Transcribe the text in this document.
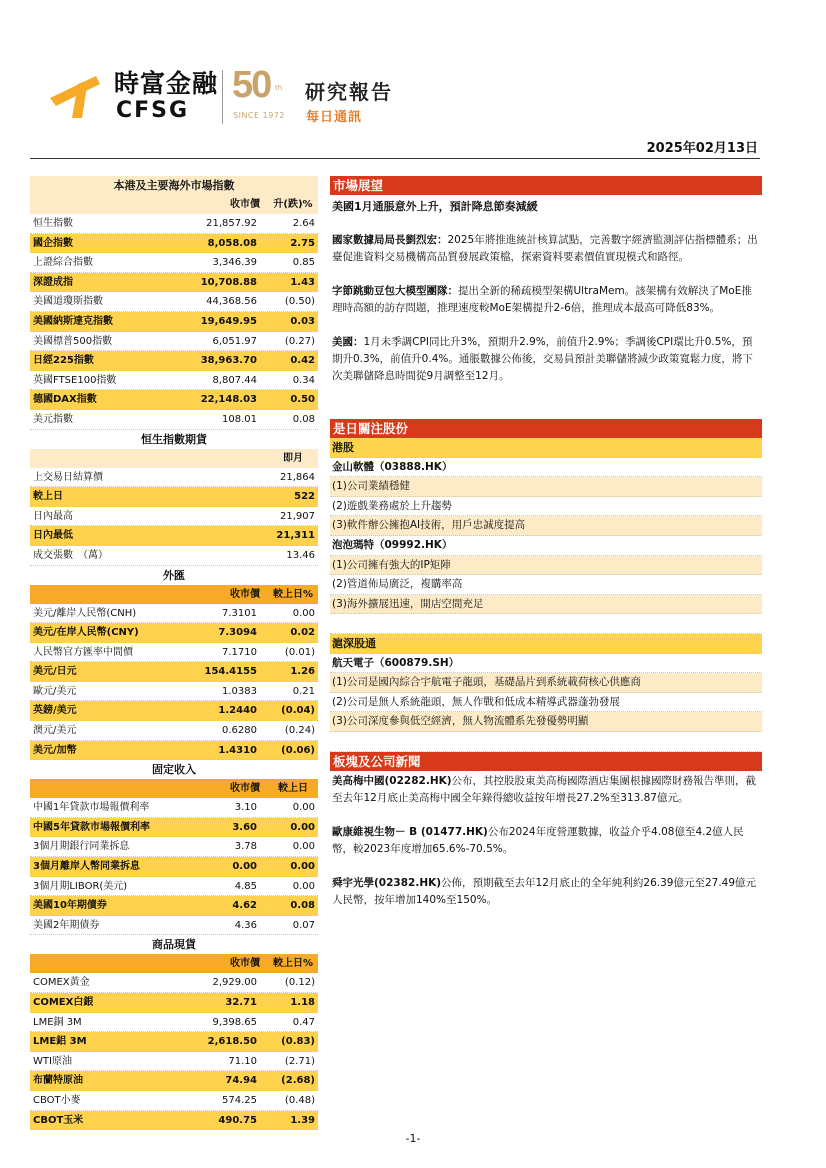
時富金融
CFSG
50 th
SINCE 1972
研究報告
每日通訊
2025年02月13日
本港及主要海外市場指數
收市價	升(跌)%
恒生指數	21,857.92	2.64
國企指數	8,058.08	2.75
上證綜合指數	3,346.39	0.85
深證成指	10,708.88	1.43
美國道瓊斯指數	44,368.56	(0.50)
美國納斯達克指數	19,649.95	0.03
美國標普500指數	6,051.97	(0.27)
日經225指數	38,963.70	0.42
英國FTSE100指數	8,807.44	0.34
德國DAX指數	22,148.03	0.50
美元指數	108.01	0.08
恒生指數期貨
即月
上交易日結算價	21,864
較上日	522
日內最高	21,907
日內最低	21,311
成交張數　（萬）	13.46
外匯
收市價	較上日%
美元/離岸人民幣(CNH)	7.3101	0.00
美元/在岸人民幣(CNY)	7.3094	0.02
人民幣官方匯率中間價	7.1710	(0.01)
美元/日元	154.4155	1.26
歐元/美元	1.0383	0.21
英鎊/美元	1.2440	(0.04)
澳元/美元	0.6280	(0.24)
美元/加幣	1.4310	(0.06)
固定收入
收市價	較上日
中國1年貸款市場報價利率	3.10	0.00
中國5年貸款市場報價利率	3.60	0.00
3個月期銀行同業拆息	3.78	0.00
3個月離岸人幣同業拆息	0.00	0.00
3個月期LIBOR(美元)	4.85	0.00
美國10年期債券	4.62	0.08
美國2年期債券	4.36	0.07
商品現貨
收市價	較上日%
COMEX黃金	2,929.00	(0.12)
COMEX白銀	32.71	1.18
LME銅 3M	9,398.65	0.47
LME鋁 3M	2,618.50	(0.83)
WTI原油	71.10	(2.71)
布蘭特原油	74.94	(2.68)
CBOT小麥	574.25	(0.48)
CBOT玉米	490.75	1.39
市場展望
美國1月通脹意外上升，預計降息節奏減緩

國家數據局局長劉烈宏：2025年將推進統計核算試點，完善數字經濟監測評估指標體系；出臺促進資料交易機構高品質發展政策檔，探索資料要素價值實現模式和路徑。

字節跳動豆包大模型團隊：提出全新的稀疏模型架構UltraMem。該架構有效解決了MoE推理時高額的訪存問題，推理速度較MoE架構提升2-6倍，推理成本最高可降低83%。

美國：1月未季調CPI同比升3%，預期升2.9%，前值升2.9%；季調後CPI環比升0.5%，預期升0.3%，前值升0.4%。通脹數據公佈後，交易員預計美聯儲將減少政策寬鬆力度，將下次美聯儲降息時間從9月調整至12月。

是日關注股份
港股
金山軟體（03888.HK）
(1)公司業績穩健
(2)遊戲業務處於上升趨勢
(3)軟件辦公擁抱AI技術，用戶忠誠度提高
泡泡瑪特（09992.HK）
(1)公司擁有強大的IP矩陣
(2)管道佈局廣泛，複購率高
(3)海外擴展迅速，開店空間充足
滬深股通
航天電子（600879.SH）
(1)公司是國內綜合宇航電子龍頭，基礎晶片到系統載荷核心供應商
(2)公司是無人系統龍頭，無人作戰和低成本精導武器蓬勃發展
(3)公司深度參與低空經濟，無人物流體系先發優勢明顯
板塊及公司新聞

美高梅中國(02282.HK)公布，其控股股東美高梅國際酒店集團根據國際財務報告準則，截至去年12月底止美高梅中國全年錄得總收益按年增長27.2%至313.87億元。

歐康維視生物－ B (01477.HK)公布2024年度營運數據，收益介乎4.08億至4.2億人民幣，較2023年度增加65.6%-70.5%。

舜宇光學(02382.HK)公佈，預期截至去年12月底止的全年純利約26.39億元至27.49億元人民幣，按年增加140%至150%。

-1-
